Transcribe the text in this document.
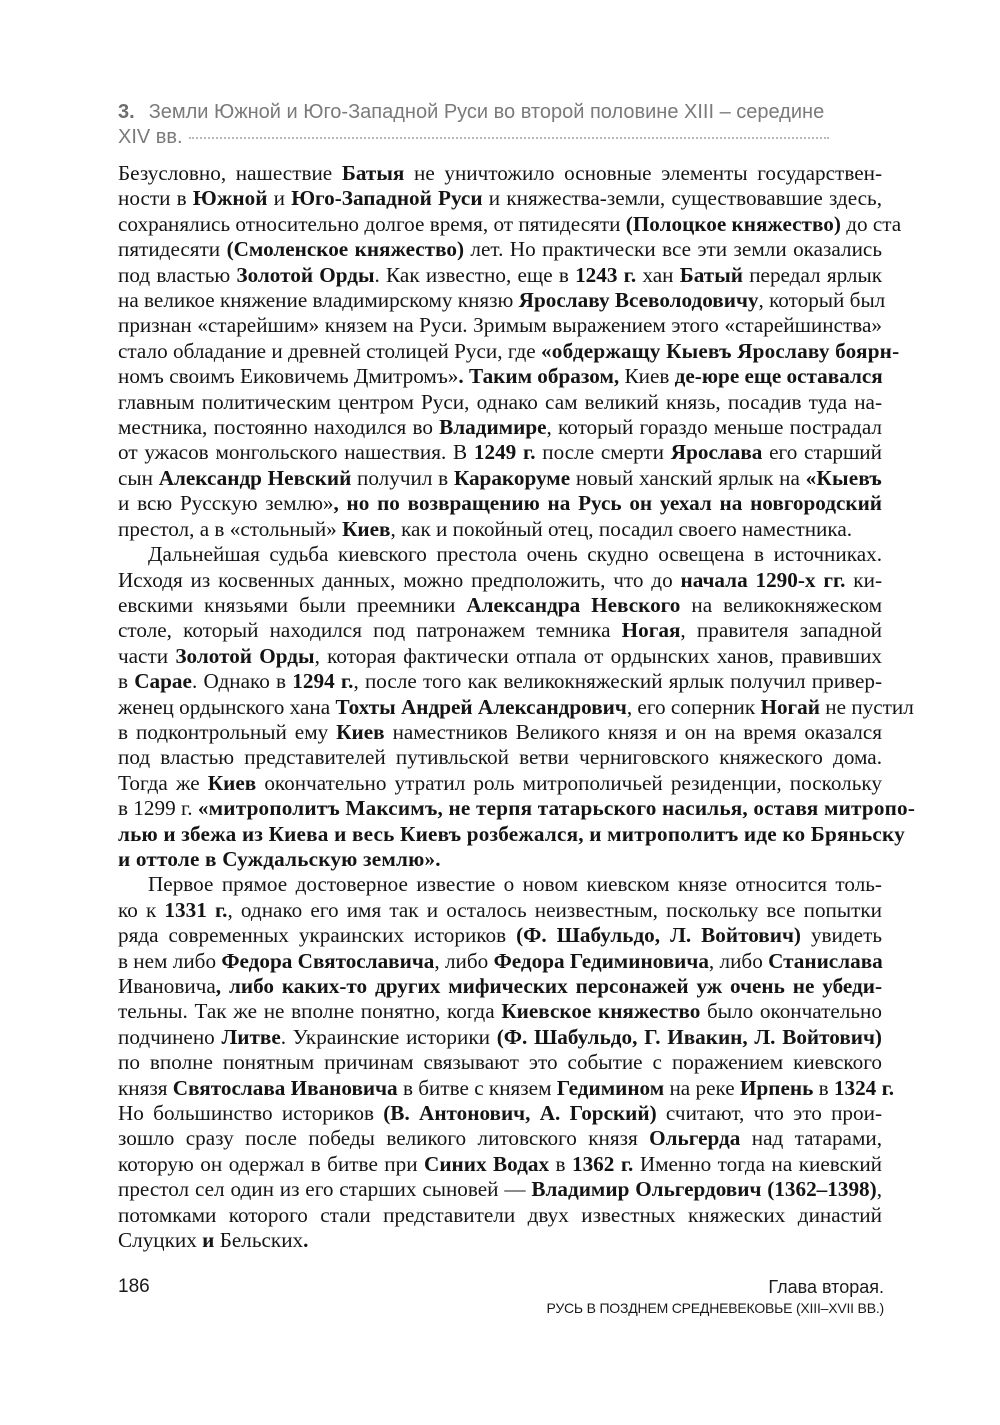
3. Земли Южной и Юго-Западной Руси во второй половине XIII – середине
XIV вв.
Безусловно, нашествие Батыя не уничтожило основные элементы государствен-
ности в Южной и Юго-Западной Руси и княжества-земли, существовавшие здесь,
сохранялись относительно долгое время, от пятидесяти (Полоцкое княжество) до ста
пятидесяти (Смоленское княжество) лет. Но практически все эти земли оказались
под властью Золотой Орды. Как известно, еще в 1243 г. хан Батый передал ярлык
на великое княжение владимирскому князю Ярославу Всеволодовичу, который был
признан «старейшим» князем на Руси. Зримым выражением этого «старейшинства»
стало обладание и древней столицей Руси, где «обдержащу Кыевъ Ярославу боярн-
номъ своимъ Еиковичемь Дмитромъ». Таким образом, Киев де-юре еще оставался
главным политическим центром Руси, однако сам великий князь, посадив туда на-
местника, постоянно находился во Владимире, который гораздо меньше пострадал
от ужасов монгольского нашествия. В 1249 г. после смерти Ярослава его старший
сын Александр Невский получил в Каракоруме новый ханский ярлык на «Кыевъ
и всю Русскую землю», но по возвращению на Русь он уехал на новгородский
престол, а в «стольный» Киев, как и покойный отец, посадил своего наместника.
Дальнейшая судьба киевского престола очень скудно освещена в источниках.
Исходя из косвенных данных, можно предположить, что до начала 1290-х гг. ки-
евскими князьями были преемники Александра Невского на великокняжеском
столе, который находился под патронажем темника Ногая, правителя западной
части Золотой Орды, которая фактически отпала от ордынских ханов, правивших
в Сарае. Однако в 1294 г., после того как великокняжеский ярлык получил привер-
женец ордынского хана Тохты Андрей Александрович, его соперник Ногай не пустил
в подконтрольный ему Киев наместников Великого князя и он на время оказался
под властью представителей путивльской ветви черниговского княжеского дома.
Тогда же Киев окончательно утратил роль митрополичьей резиденции, поскольку
в 1299 г. «митрополитъ Максимъ, не терпя татарьского насилья, оставя митропо-
лью и збежа из Киева и весь Киевъ розбежался, и митрополитъ иде ко Бряньску
и оттоле в Суждальскую землю».
Первое прямое достоверное известие о новом киевском князе относится толь-
ко к 1331 г., однако его имя так и осталось неизвестным, поскольку все попытки
ряда современных украинских историков (Ф. Шабульдо, Л. Войтович) увидеть
в нем либо Федора Святославича, либо Федора Гедиминовича, либо Станислава
Ивановича, либо каких-то других мифических персонажей уж очень не убеди-
тельны. Так же не вполне понятно, когда Киевское княжество было окончательно
подчинено Литве. Украинские историки (Ф. Шабульдо, Г. Ивакин, Л. Войтович)
по вполне понятным причинам связывают это событие с поражением киевского
князя Святослава Ивановича в битве с князем Гедимином на реке Ирпень в 1324 г.
Но большинство историков (В. Антонович, А. Горский) считают, что это прои-
зошло сразу после победы великого литовского князя Ольгерда над татарами,
которую он одержал в битве при Синих Водах в 1362 г. Именно тогда на киевский
престол сел один из его старших сыновей — Владимир Ольгердович (1362–1398),
потомками которого стали представители двух известных княжеских династий
Слуцких и Бельских.
186	Глава вторая.
РУСЬ В ПОЗДНЕМ СРЕДНЕВЕКОВЬЕ (XIII–XVII ВВ.)
